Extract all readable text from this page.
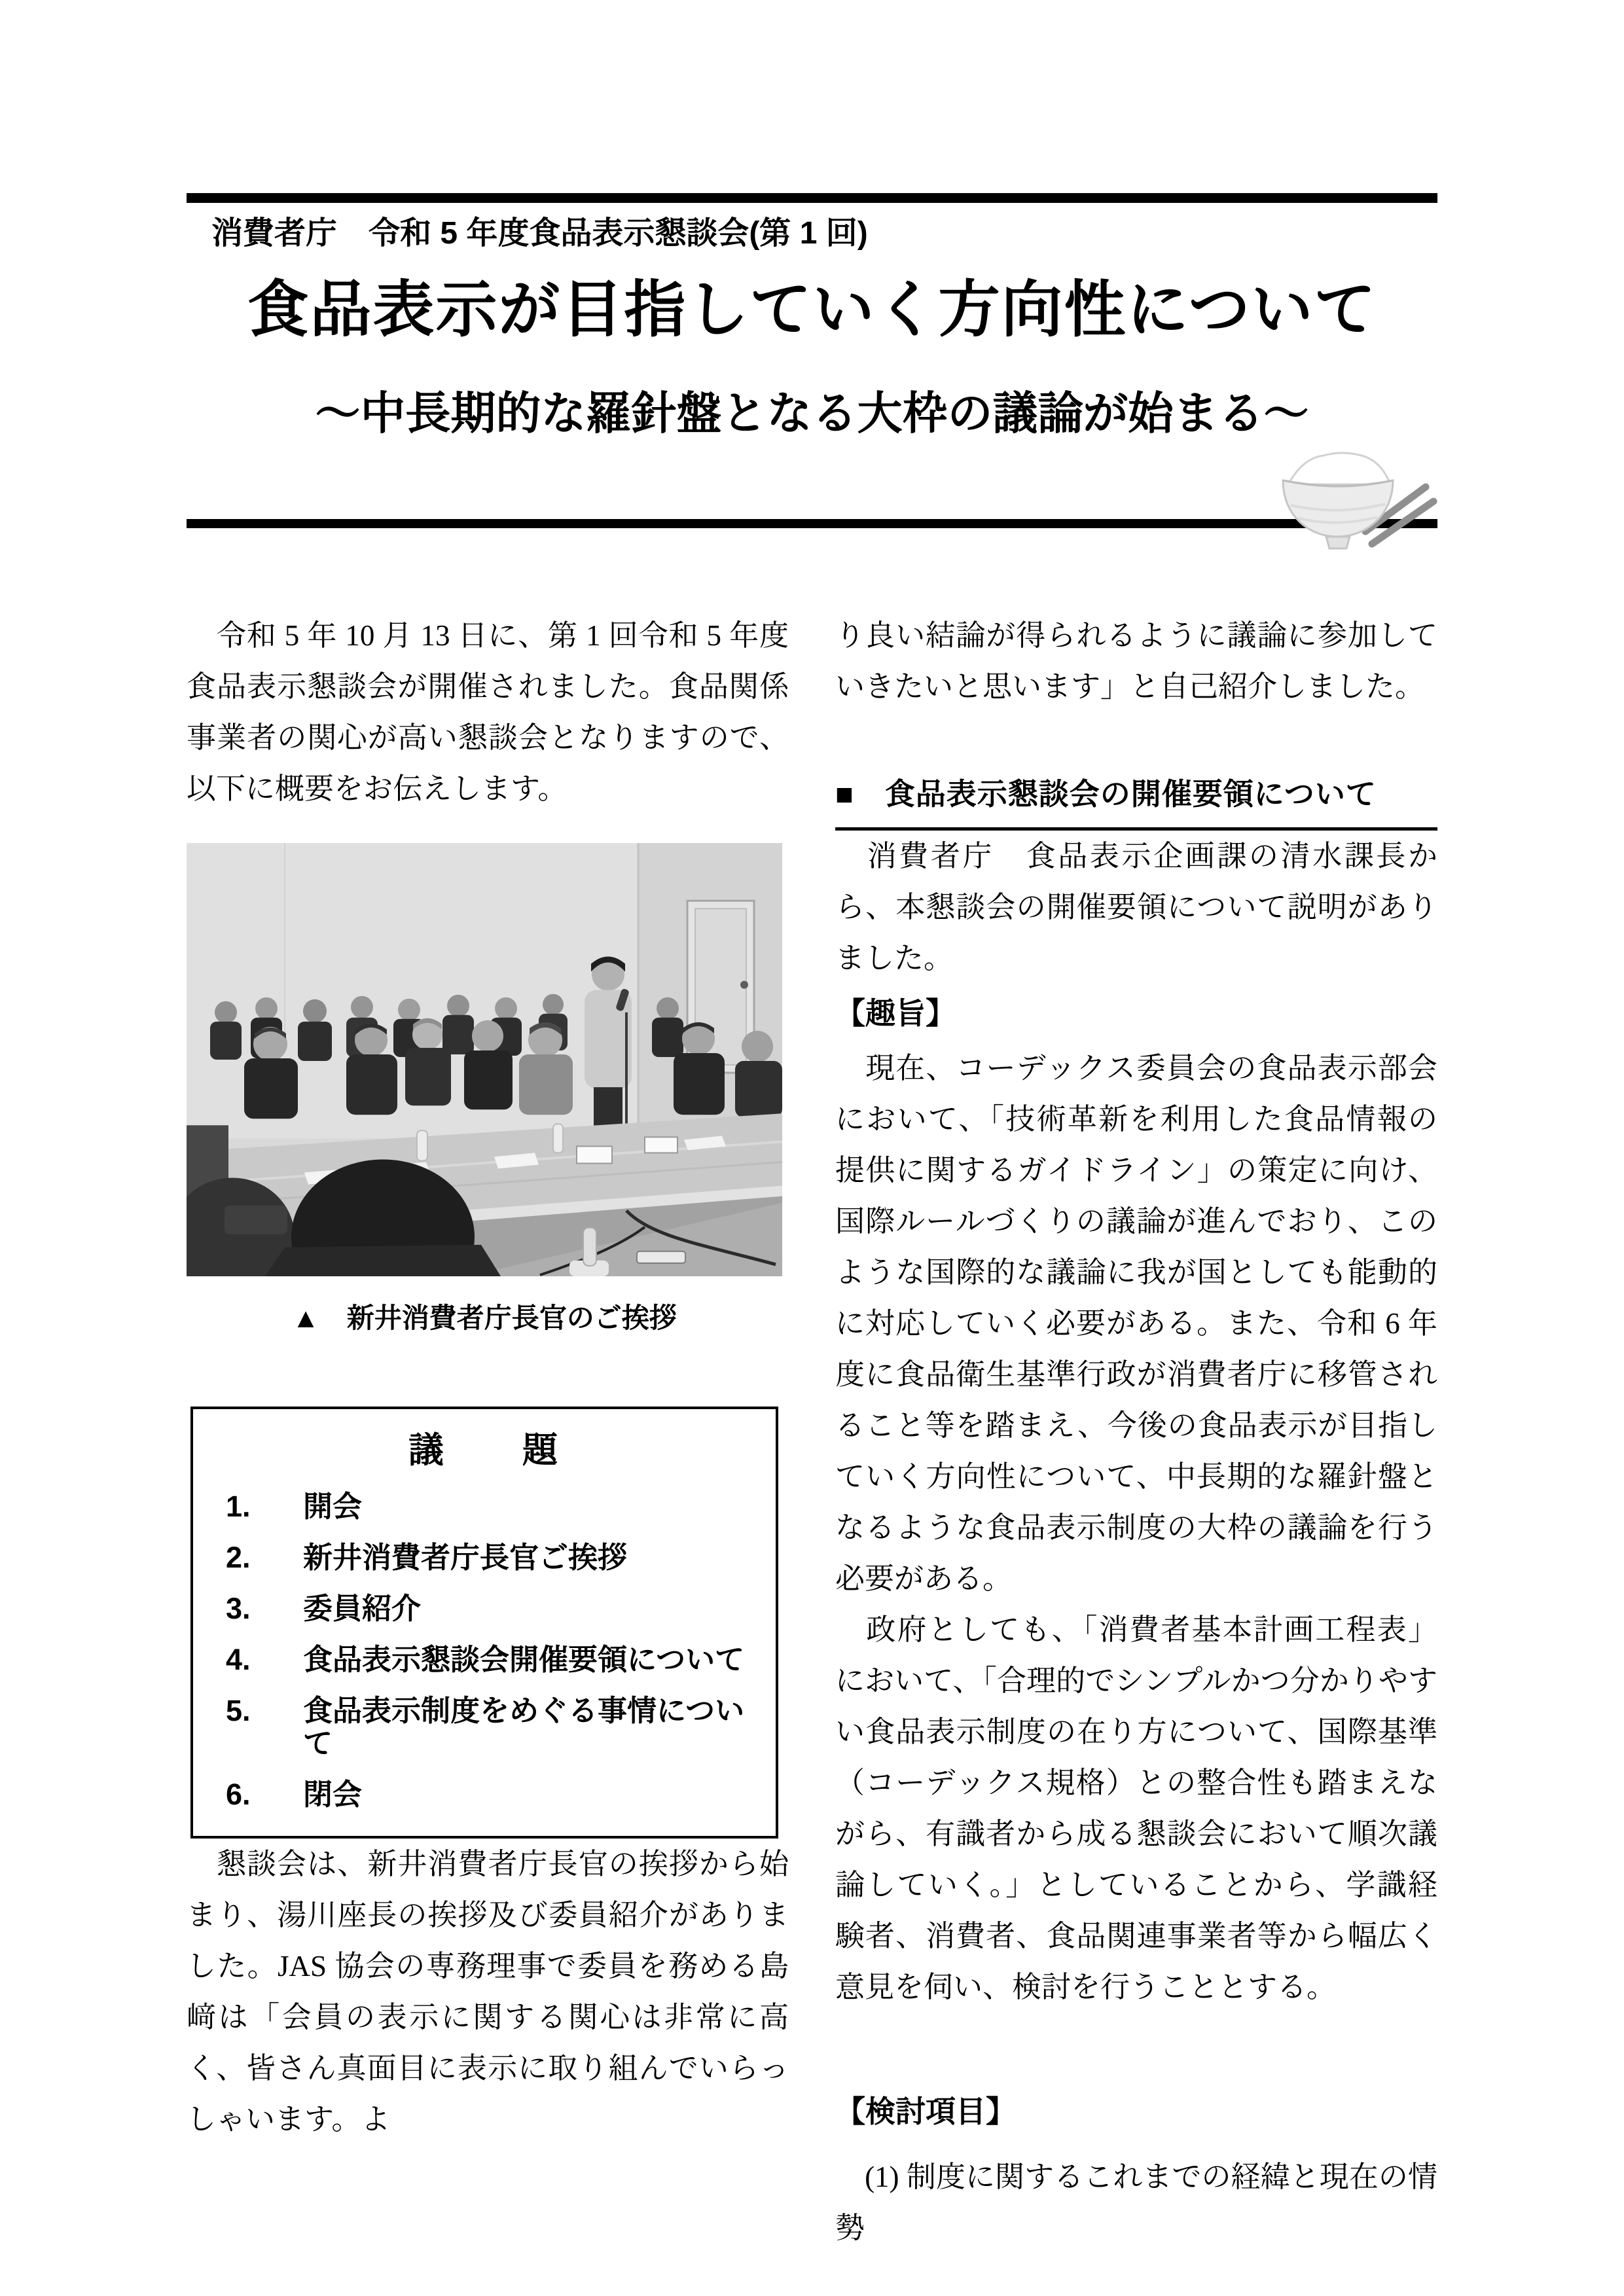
消費者庁　令和 5 年度食品表示懇談会(第 1 回)
食品表示が目指していく方向性について
～中長期的な羅針盤となる大枠の議論が始まる～

　令和 5 年 10 月 13 日に、第 1 回令和 5 年度食品表示懇談会が開催されました。食品関係事業者の関心が高い懇談会となりますので、以下に概要をお伝えします。

▲　新井消費者庁長官のご挨拶
議　　題
1.	開会
2.	新井消費者庁長官ご挨拶
3.	委員紹介
4.	食品表示懇談会開催要領について
5.	食品表示制度をめぐる事情について
6.	閉会

　懇談会は、新井消費者庁長官の挨拶から始まり、湯川座長の挨拶及び委員紹介がありました。JAS 協会の専務理事で委員を務める島﨑は「会員の表示に関する関心は非常に高く、皆さん真面目に表示に取り組んでいらっしゃいます。よ

り良い結論が得られるように議論に参加していきたいと思います」と自己紹介しました。

■　食品表示懇談会の開催要領について

　消費者庁　食品表示企画課の清水課長から、本懇談会の開催要領について説明がありました。

【趣旨】

　現在、コーデックス委員会の食品表示部会において、「技術革新を利用した食品情報の提供に関するガイドライン」の策定に向け、国際ルールづくりの議論が進んでおり、このような国際的な議論に我が国としても能動的に対応していく必要がある。また、令和 6 年度に食品衛生基準行政が消費者庁に移管されること等を踏まえ、今後の食品表示が目指していく方向性について、中長期的な羅針盤となるような食品表示制度の大枠の議論を行う必要がある。

　政府としても、「消費者基本計画工程表」において、「合理的でシンプルかつ分かりやすい食品表示制度の在り方について、国際基準（コーデックス規格）との整合性も踏まえながら、有識者から成る懇談会において順次議論していく。」としていることから、学識経験者、消費者、食品関連事業者等から幅広く意見を伺い、検討を行うこととする。

【検討項目】

　(1) 制度に関するこれまでの経緯と現在の情勢
